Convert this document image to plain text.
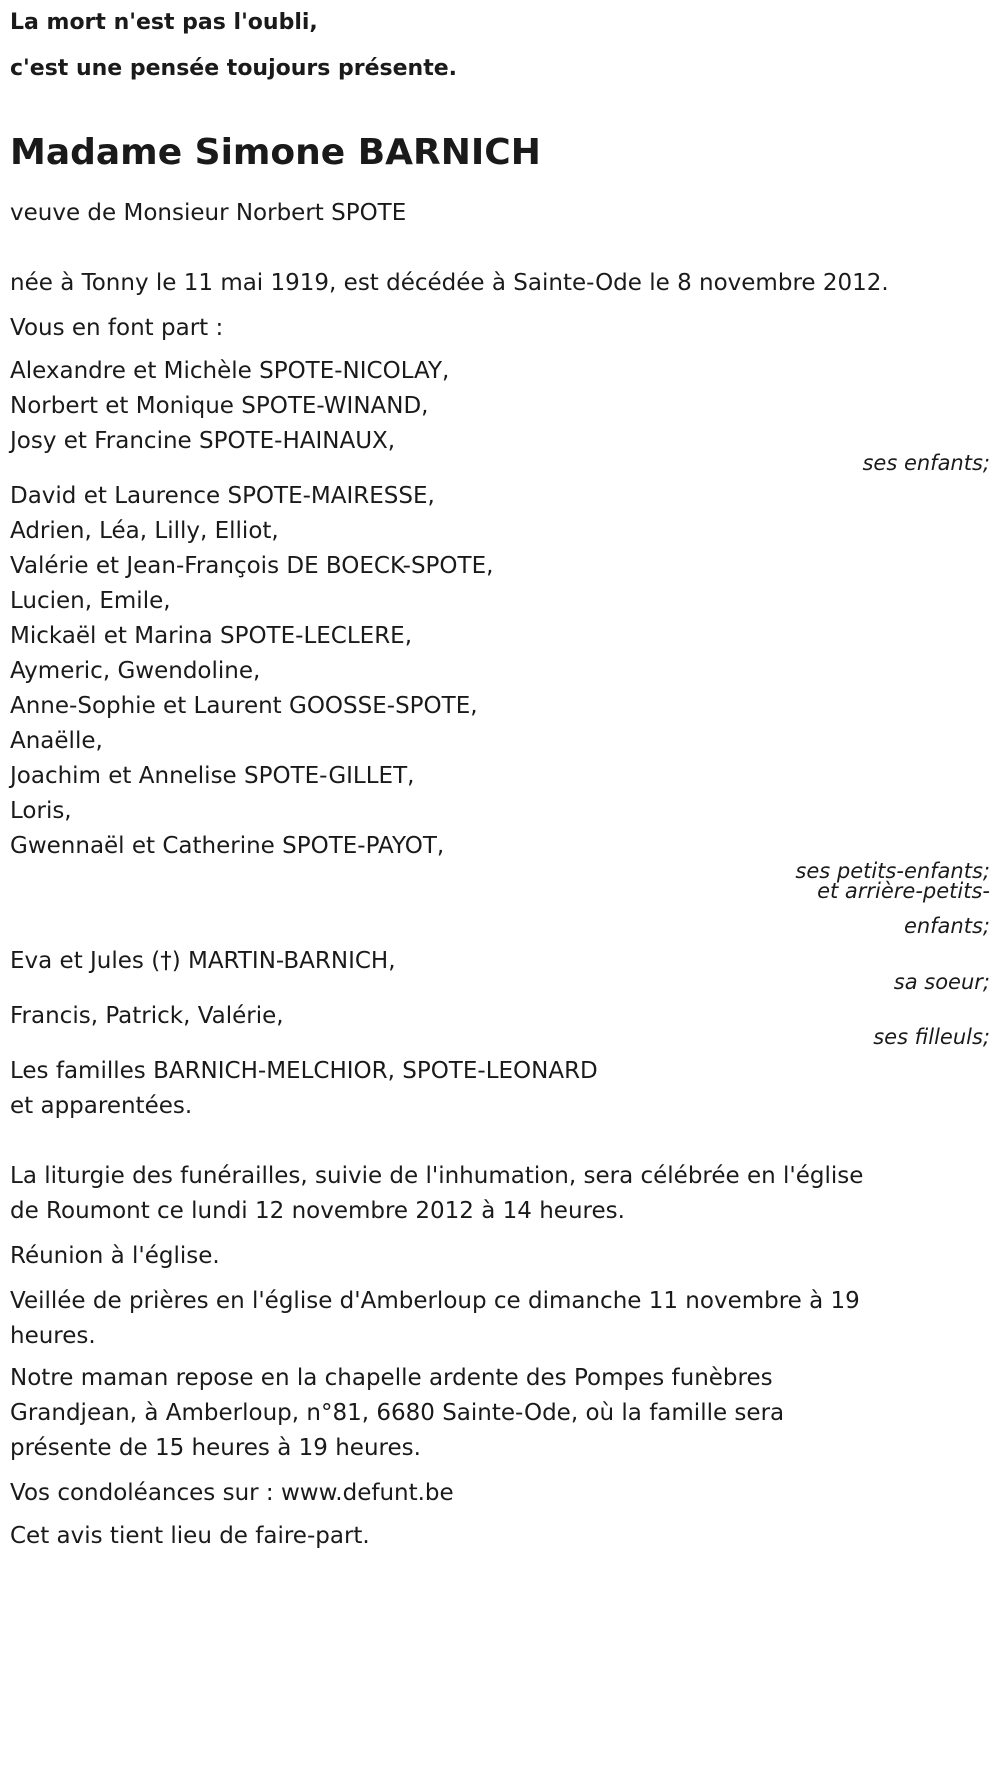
La mort n'est pas l'oubli,

c'est une pensée toujours présente.

Madame Simone BARNICH

veuve de Monsieur Norbert SPOTE

née à Tonny le 11 mai 1919, est décédée à Sainte-Ode le 8 novembre 2012.

Vous en font part :

Alexandre et Michèle SPOTE-NICOLAY,

Norbert et Monique SPOTE-WINAND,

Josy et Francine SPOTE-HAINAUX,

ses enfants;

David et Laurence SPOTE-MAIRESSE,

Adrien, Léa, Lilly, Elliot,

Valérie et Jean-François DE BOECK-SPOTE,

Lucien, Emile,

Mickaël et Marina SPOTE-LECLERE,

Aymeric, Gwendoline,

Anne-Sophie et Laurent GOOSSE-SPOTE,

Anaëlle,

Joachim et Annelise SPOTE-GILLET,

Loris,

Gwennaël et Catherine SPOTE-PAYOT,

ses petits-enfants;

et arrière-petits-

enfants;

Eva et Jules (†) MARTIN-BARNICH,

sa soeur;

Francis, Patrick, Valérie,

ses filleuls;

Les familles BARNICH-MELCHIOR, SPOTE-LEONARD

et apparentées.

La liturgie des funérailles, suivie de l'inhumation, sera célébrée en l'église

de Roumont ce lundi 12 novembre 2012 à 14 heures.

Réunion à l'église.

Veillée de prières en l'église d'Amberloup ce dimanche 11 novembre à 19

heures.

Notre maman repose en la chapelle ardente des Pompes funèbres

Grandjean, à Amberloup, n°81, 6680 Sainte-Ode, où la famille sera

présente de 15 heures à 19 heures.

Vos condoléances sur : www.defunt.be

Cet avis tient lieu de faire-part.
